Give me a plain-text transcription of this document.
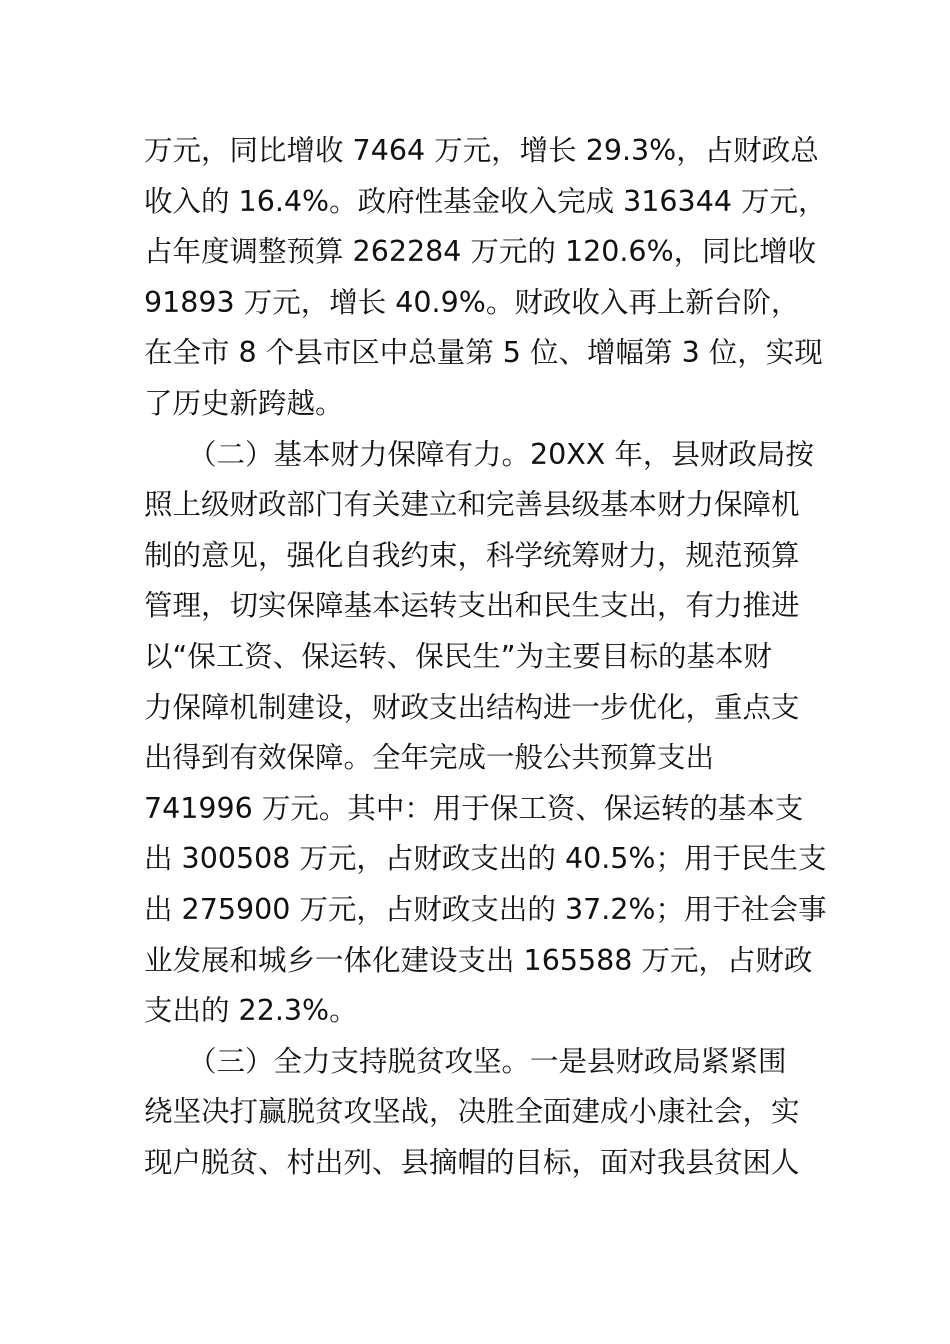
万元，同比增收 7464 万元，增长 29.3%，占财政总
收入的 16.4%。政府性基金收入完成 316344 万元，
占年度调整预算 262284 万元的 120.6%，同比增收
91893 万元，增长 40.9%。财政收入再上新台阶，
在全市 8 个县市区中总量第 5 位、增幅第 3 位，实现
了历史新跨越。
（二）基本财力保障有力。20XX 年，县财政局按
照上级财政部门有关建立和完善县级基本财力保障机
制的意见，强化自我约束，科学统筹财力，规范预算
管理，切实保障基本运转支出和民生支出，有力推进
以“保工资、保运转、保民生”为主要目标的基本财
力保障机制建设，财政支出结构进一步优化，重点支
出得到有效保障。全年完成一般公共预算支出
741996 万元。其中：用于保工资、保运转的基本支
出 300508 万元，占财政支出的 40.5%；用于民生支
出 275900 万元，占财政支出的 37.2%；用于社会事
业发展和城乡一体化建设支出 165588 万元，占财政
支出的 22.3%。
（三）全力支持脱贫攻坚。一是县财政局紧紧围
绕坚决打赢脱贫攻坚战，决胜全面建成小康社会，实
现户脱贫、村出列、县摘帽的目标，面对我县贫困人
